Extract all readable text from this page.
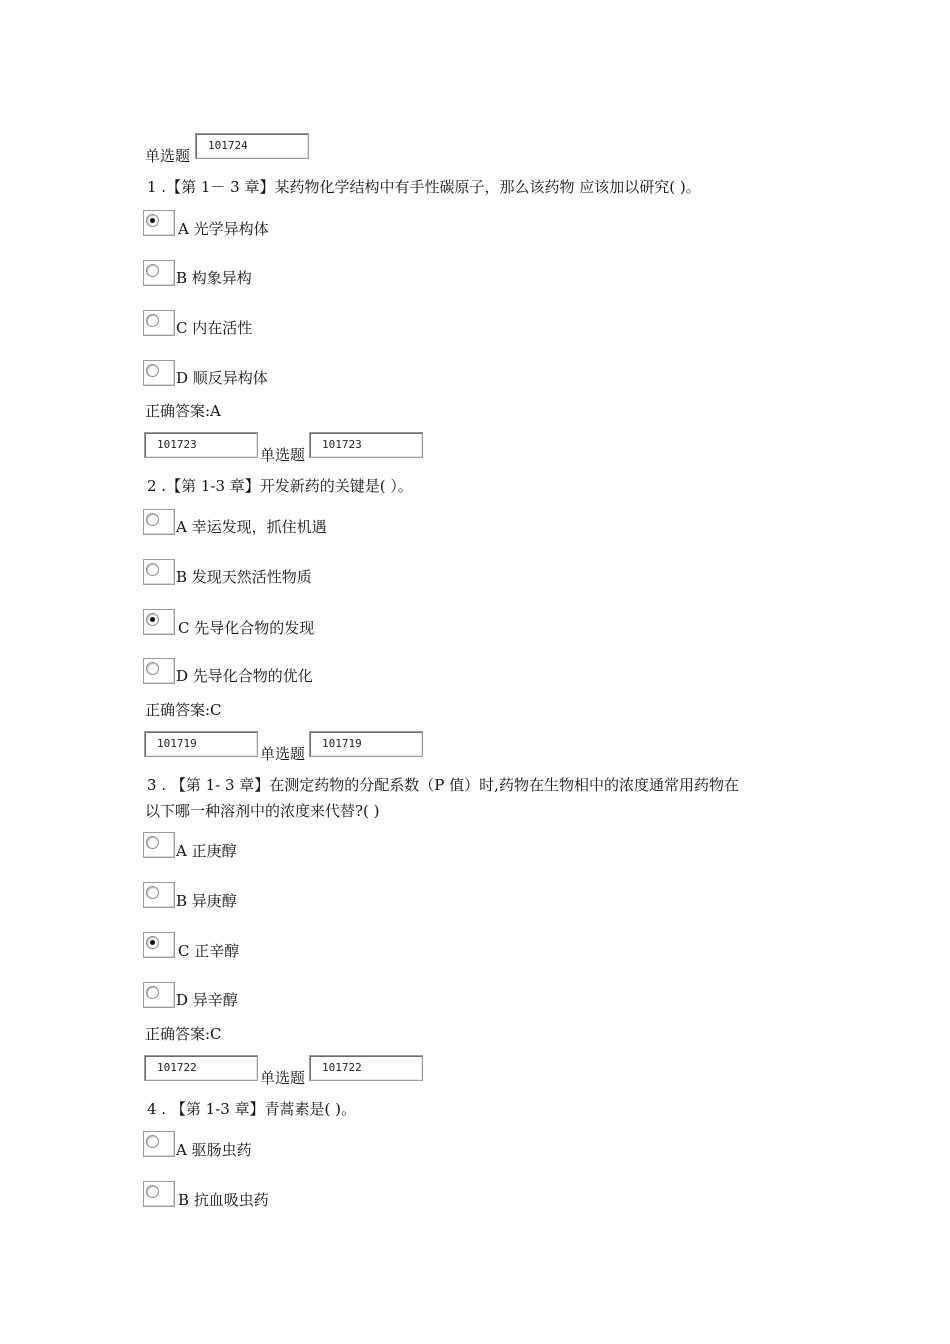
单选题
101724
1 .【第 1－ 3 章】某药物化学结构中有手性碳原子，那么该药物 应该加以研究( )。
A 光学异构体
B 构象异构
C 内在活性
D 顺反异构体
正确答案:A
101723
单选题
101723
2 .【第 1-3 章】开发新药的关键是( ）。
A 幸运发现，抓住机遇
B 发现天然活性物质
C 先导化合物的发现
D 先导化合物的优化
正确答案:C
101719
单选题
101719
3 . 【第 1- 3 章】在测定药物的分配系数（P 值）时,药物在生物相中的浓度通常用药物在
以下哪一种溶剂中的浓度来代替?( )
A 正庚醇
B 异庚醇
C 正辛醇
D 异辛醇
正确答案:C
101722
单选题
101722
4 . 【第 1-3 章】青蒿素是( )。
A 驱肠虫药
B 抗血吸虫药
